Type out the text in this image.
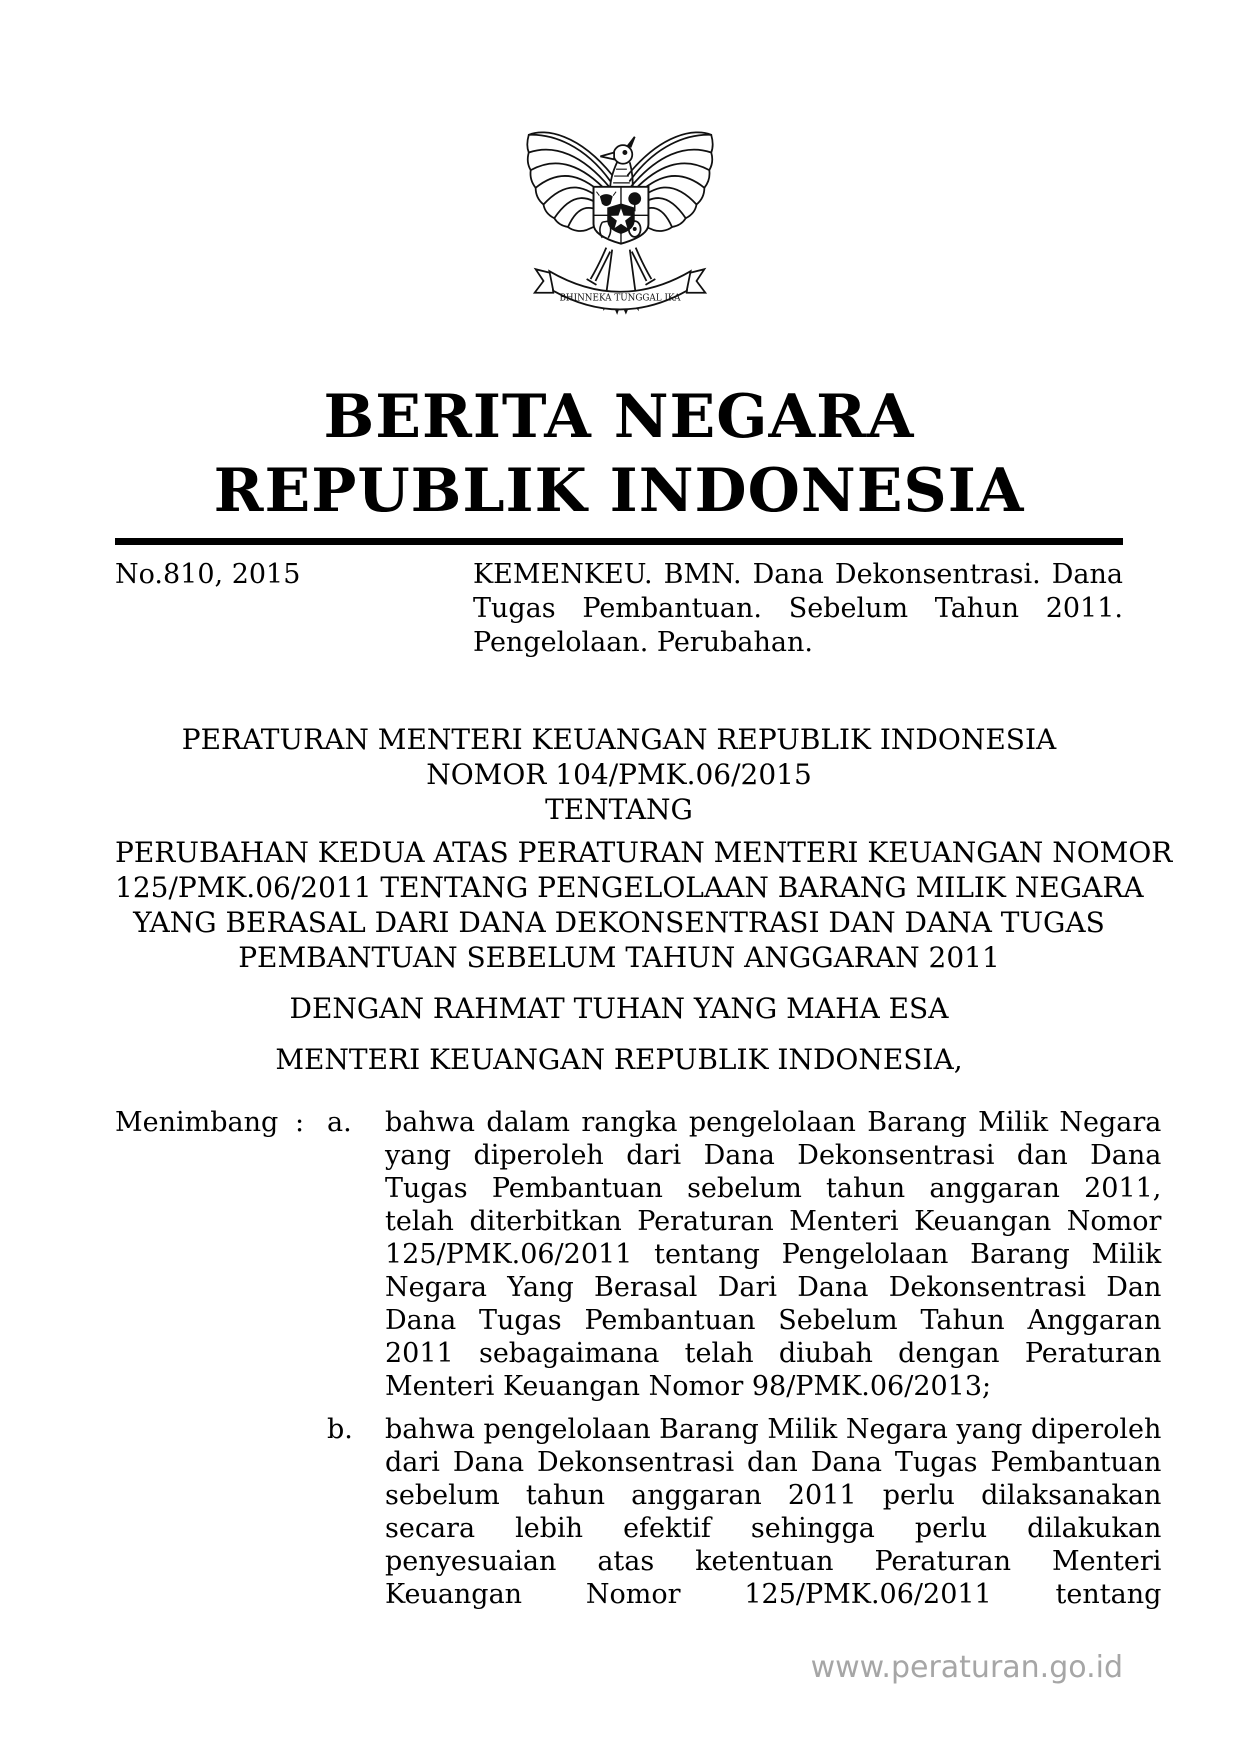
BHINNEKA TUNGGAL IKA
BERITA NEGARA
REPUBLIK INDONESIA
No.810, 2015	KEMENKEU. BMN. Dana Dekonsentrasi. Dana
Tugas Pembantuan. Sebelum Tahun 2011.
Pengelolaan. Perubahan.
PERATURAN MENTERI KEUANGAN REPUBLIK INDONESIA
NOMOR 104/PMK.06/2015
TENTANG
PERUBAHAN KEDUA ATAS PERATURAN MENTERI KEUANGAN NOMOR
125/PMK.06/2011 TENTANG PENGELOLAAN BARANG MILIK NEGARA
YANG BERASAL DARI DANA DEKONSENTRASI DAN DANA TUGAS
PEMBANTUAN SEBELUM TAHUN ANGGARAN 2011
DENGAN RAHMAT TUHAN YANG MAHA ESA
MENTERI KEUANGAN REPUBLIK INDONESIA,
Menimbang : a.	bahwa dalam rangka pengelolaan Barang Milik Negara
yang diperoleh dari Dana Dekonsentrasi dan Dana
Tugas Pembantuan sebelum tahun anggaran 2011,
telah diterbitkan Peraturan Menteri Keuangan Nomor
125/PMK.06/2011 tentang Pengelolaan Barang Milik
Negara Yang Berasal Dari Dana Dekonsentrasi Dan
Dana Tugas Pembantuan Sebelum Tahun Anggaran
2011 sebagaimana telah diubah dengan Peraturan
Menteri Keuangan Nomor 98/PMK.06/2013;
b.	bahwa pengelolaan Barang Milik Negara yang diperoleh
dari Dana Dekonsentrasi dan Dana Tugas Pembantuan
sebelum tahun anggaran 2011 perlu dilaksanakan
secara lebih efektif sehingga perlu dilakukan
penyesuaian atas ketentuan Peraturan Menteri
Keuangan Nomor 125/PMK.06/2011 tentang
www.peraturan.go.id
